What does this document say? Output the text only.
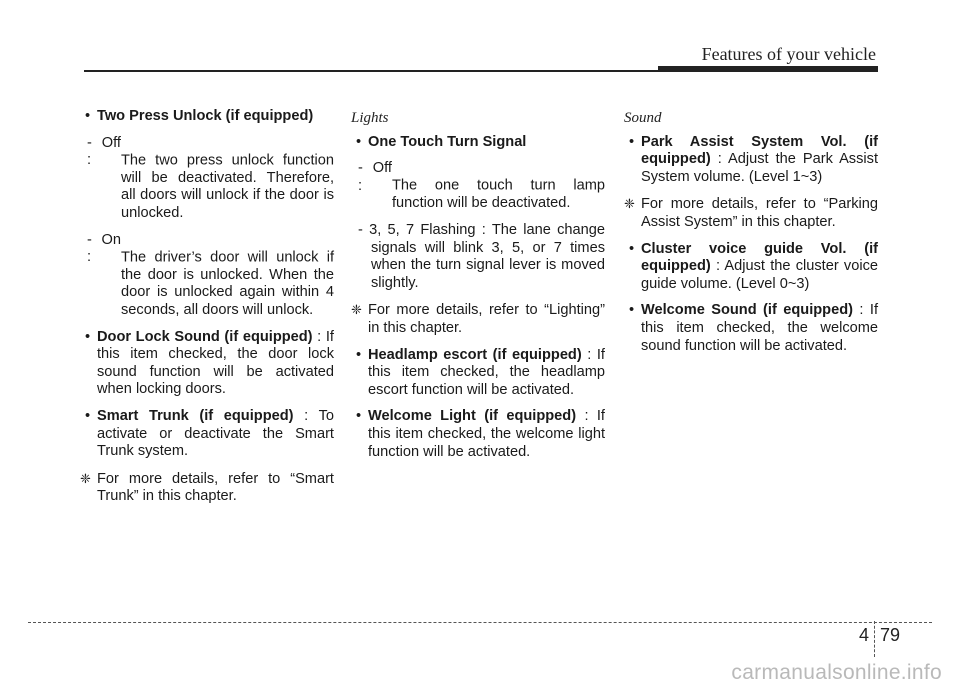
Features of your vehicle

• Two Press Unlock (if equipped)

- Off :The two press unlock function will be deactivated. Therefore, all doors will unlock if the door is unlocked.

- On :The driver’s door will unlock if the door is unlocked. When the door is unlocked again within 4 seconds, all doors will unlock.

• Door Lock Sound (if equipped) : If this item checked, the door lock sound function will be activated when locking doors.

• Smart Trunk (if equipped) : To activate or deactivate the Smart Trunk system.

❈ For more details, refer to “Smart Trunk” in this chapter.

Lights

• One Touch Turn Signal

- Off :The one touch turn lamp function will be deactivated.

- 3, 5, 7 Flashing : The lane change signals will blink 3, 5, or 7 times when the turn signal lever is moved slightly.

❈ For more details, refer to “Lighting” in this chapter.

• Headlamp escort (if equipped) : If this item checked, the headlamp escort function will be activated.

• Welcome Light (if equipped) : If this item checked, the welcome light function will be activated.

Sound

• Park Assist System Vol. (if equipped) : Adjust the Park Assist System volume. (Level 1~3)

❈ For more details, refer to “Parking Assist System” in this chapter.

• Cluster voice guide Vol. (if equipped) : Adjust the cluster voice guide volume. (Level 0~3)

• Welcome Sound (if equipped) : If this item checked, the welcome sound function will be activated.

4 79
carmanualsonline.info
